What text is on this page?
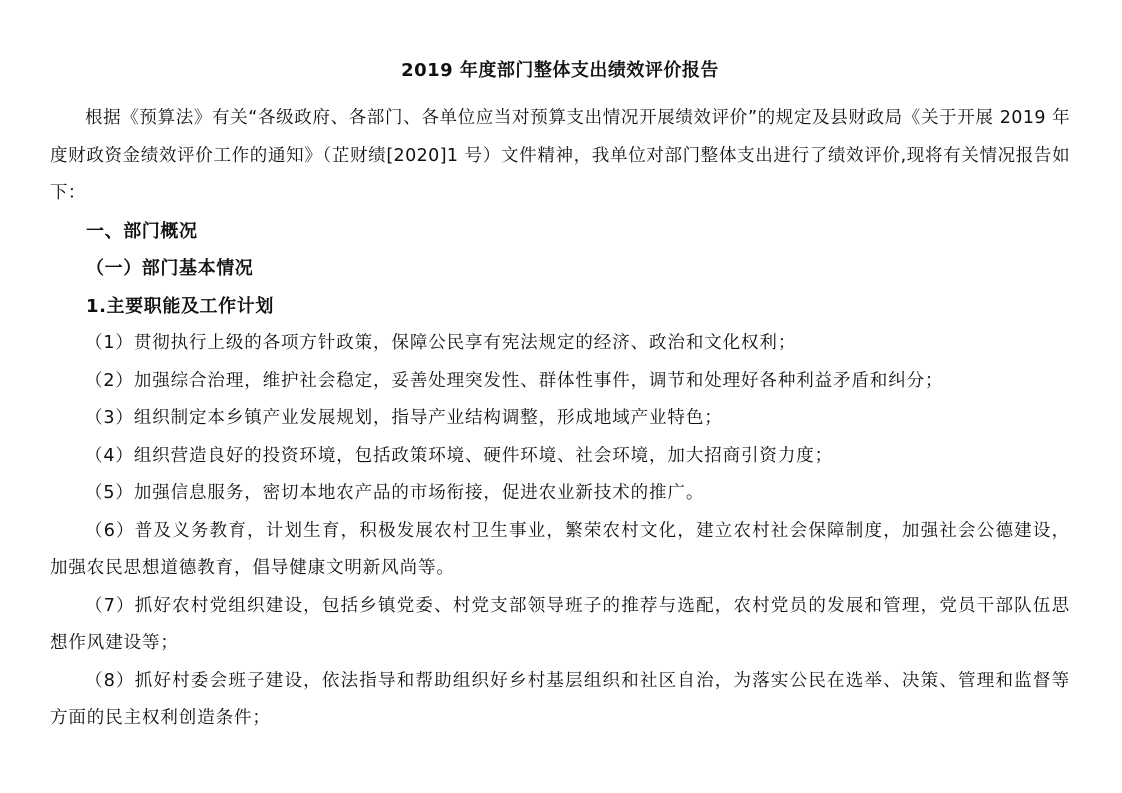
2019 年度部门整体支出绩效评价报告

根据《预算法》有关“各级政府、各部门、各单位应当对预算支出情况开展绩效评价”的规定及县财政局《关于开展 2019 年度财政资金绩效评价工作的通知》（芷财绩[2020]1 号）文件精神，我单位对部门整体支出进行了绩效评价,现将有关情况报告如下：

一、部门概况

（一）部门基本情况

1.主要职能及工作计划

（1）贯彻执行上级的各项方针政策，保障公民享有宪法规定的经济、政治和文化权利；

（2）加强综合治理，维护社会稳定，妥善处理突发性、群体性事件，调节和处理好各种利益矛盾和纠分；

（3）组织制定本乡镇产业发展规划，指导产业结构调整，形成地域产业特色；

（4）组织营造良好的投资环境，包括政策环境、硬件环境、社会环境，加大招商引资力度；

（5）加强信息服务，密切本地农产品的市场衔接，促进农业新技术的推广。

（6）普及义务教育，计划生育，积极发展农村卫生事业，繁荣农村文化，建立农村社会保障制度，加强社会公德建设，加强农民思想道德教育，倡导健康文明新风尚等。

（7）抓好农村党组织建设，包括乡镇党委、村党支部领导班子的推荐与选配，农村党员的发展和管理，党员干部队伍思想作风建设等；

（8）抓好村委会班子建设，依法指导和帮助组织好乡村基层组织和社区自治，为落实公民在选举、决策、管理和监督等方面的民主权利创造条件；
